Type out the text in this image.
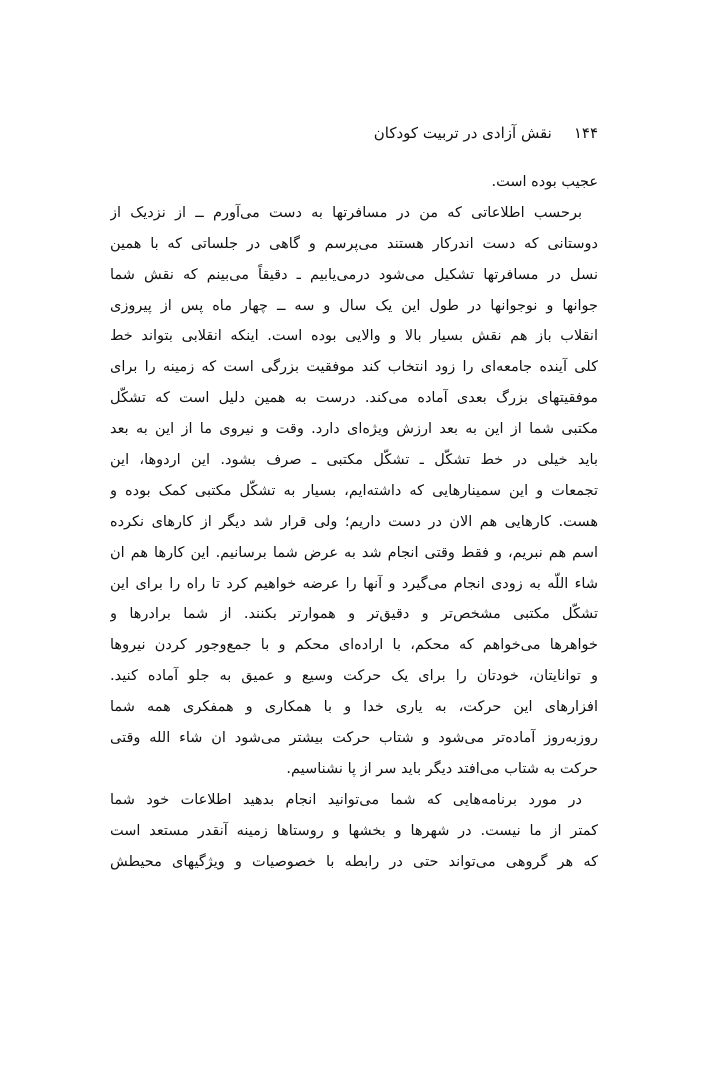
۱۴۴نقش آزادی در تربیت کودکان
عجیب بوده است.
برحسب اطلاعاتی که من در مسافرتها به دست می‌آورم ــ از نزدیک از
دوستانی که دست اندرکار هستند می‌پرسم و گاهی در جلساتی که با همین
نسل در مسافرتها تشکیل می‌شود درمی‌یابیم ـ دقیقاً می‌بینم که نقش شما
جوانها و نوجوانها در طول این یک سال و سه ــ چهار ماه پس از پیروزی
انقلاب باز هم نقش بسیار بالا و والایی بوده است. اینکه انقلابی بتواند خط
کلی آینده جامعه‌ای را زود انتخاب کند موفقیت بزرگی است که زمینه را برای
موفقیتهای بزرگ بعدی آماده می‌کند. درست به همین دلیل است که تشکّل
مکتبی شما از این به بعد ارزش ویژه‌ای دارد. وقت و نیروی ما از این به بعد
باید خیلی در خط تشکّل ـ تشکّل مکتبی ـ صرف بشود. این اردوها، این
تجمعات و این سمینارهایی که داشته‌ایم، بسیار به تشکّل مکتبی کمک بوده و
هست. کارهایی هم الان در دست داریم؛ ولی قرار شد دیگر از کارهای نکرده
اسم هم نبریم، و فقط وقتی انجام شد به عرض شما برسانیم. این کارها هم ان
شاء اللّه به زودی انجام می‌گیرد و آنها را عرضه خواهیم کرد تا راه را برای این
تشکّل مکتبی مشخص‌تر و دقیق‌تر و هموارتر بکنند. از شما برادرها و
خواهرها می‌خواهم که محکم، با اراده‌ای محکم و با جمع‌وجور کردن نیروها
و توانایتان، خودتان را برای یک حرکت وسیع و عمیق به جلو آماده کنید.
افزارهای این حرکت، به یاری خدا و با همکاری و همفکری همه شما
روزبه‌روز آماده‌تر می‌شود و شتاب حرکت بیشتر می‌شود ان شاء الله وقتی
حرکت به شتاب می‌افتد دیگر باید سر از پا نشناسیم.
در مورد برنامه‌هایی که شما می‌توانید انجام بدهید اطلاعات خود شما
کمتر از ما نیست. در شهرها و بخشها و روستاها زمینه آنقدر مستعد است
که هر گروهی می‌تواند حتی در رابطه با خصوصیات و ویژگیهای محیطش
